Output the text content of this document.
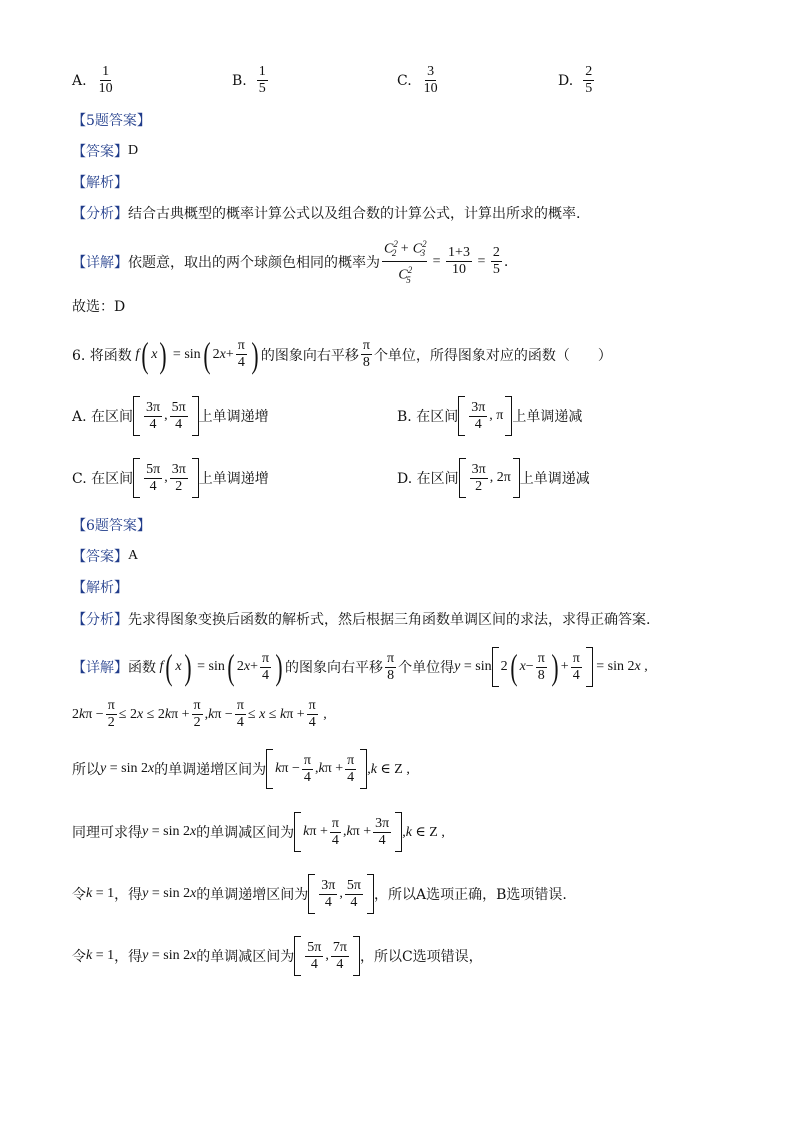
A. $\frac{1}{10}$	B. $\frac{1}{5}$	C. $\frac{3}{10}$	D. $\frac{2}{5}$
【5题答案】
【答案】 D
【解析】
【分析】 结合古典概型的概率计算公式以及组合数的计算公式，计算出所求的概率.
【详解】 依题意，取出的两个球颜色相同的概率为 $\frac{C^2_2 + C^2_3}{C^2_5} = \frac{1+3}{10} = \frac{2}{5}$ .
故选：D
6. 将函数 f ( x ) = sin ( $2x+ \frac{\pi}{4}$ ) 的图象向右平移 $\frac{\pi}{8}$ 个单位，所得图象对应的函数（　　）
A. 在区间 $\frac{3\pi}{4}$ , $\frac{5\pi}{4}$ 上单调递增	B. 在区间 $\frac{3\pi}{4}$ , π 上单调递减
C. 在区间 $\frac{5\pi}{4}$ , $\frac{3\pi}{2}$ 上单调递增	D. 在区间 $\frac{3\pi}{2}$ , 2π 上单调递减
【6题答案】
【答案】 A
【解析】
【分析】 先求得图象变换后函数的解析式，然后根据三角函数单调区间的求法，求得正确答案.
【详解】 函数 f ( x ) = sin ( $2x+ \frac{\pi}{4}$ ) 的图象向右平移 $\frac{\pi}{8}$ 个单位得 y = sin 2 ( $x - \frac{\pi}{8}$ ) + $\frac{\pi}{4} = \sin 2x$ ,
$2k\pi - \frac{\pi}{2} \le 2x \le 2k\pi + \frac{\pi}{2} ,k\pi - \frac{\pi}{4} \le x \le k\pi + \frac{\pi}{4}$ ,
所以 y = sin 2x 的单调递增区间为 $k\pi - \frac{\pi}{4} ,k\pi + \frac{\pi}{4} ,k$ ∈ Z ,
同理可求得 y = sin 2x 的单调减区间为 $k\pi + \frac{\pi}{4} ,k\pi + \frac{3\pi}{4} ,k$ ∈ Z ,
令 k = 1 ，得 y = sin 2x 的单调递增区间为 $\frac{3\pi}{4}$ , $\frac{5\pi}{4}$ ，所以A选项正确，B选项错误.
令 k = 1 ，得 y = sin 2x 的单调减区间为 $\frac{5\pi}{4}$ , $\frac{7\pi}{4}$ ，所以C选项错误，
